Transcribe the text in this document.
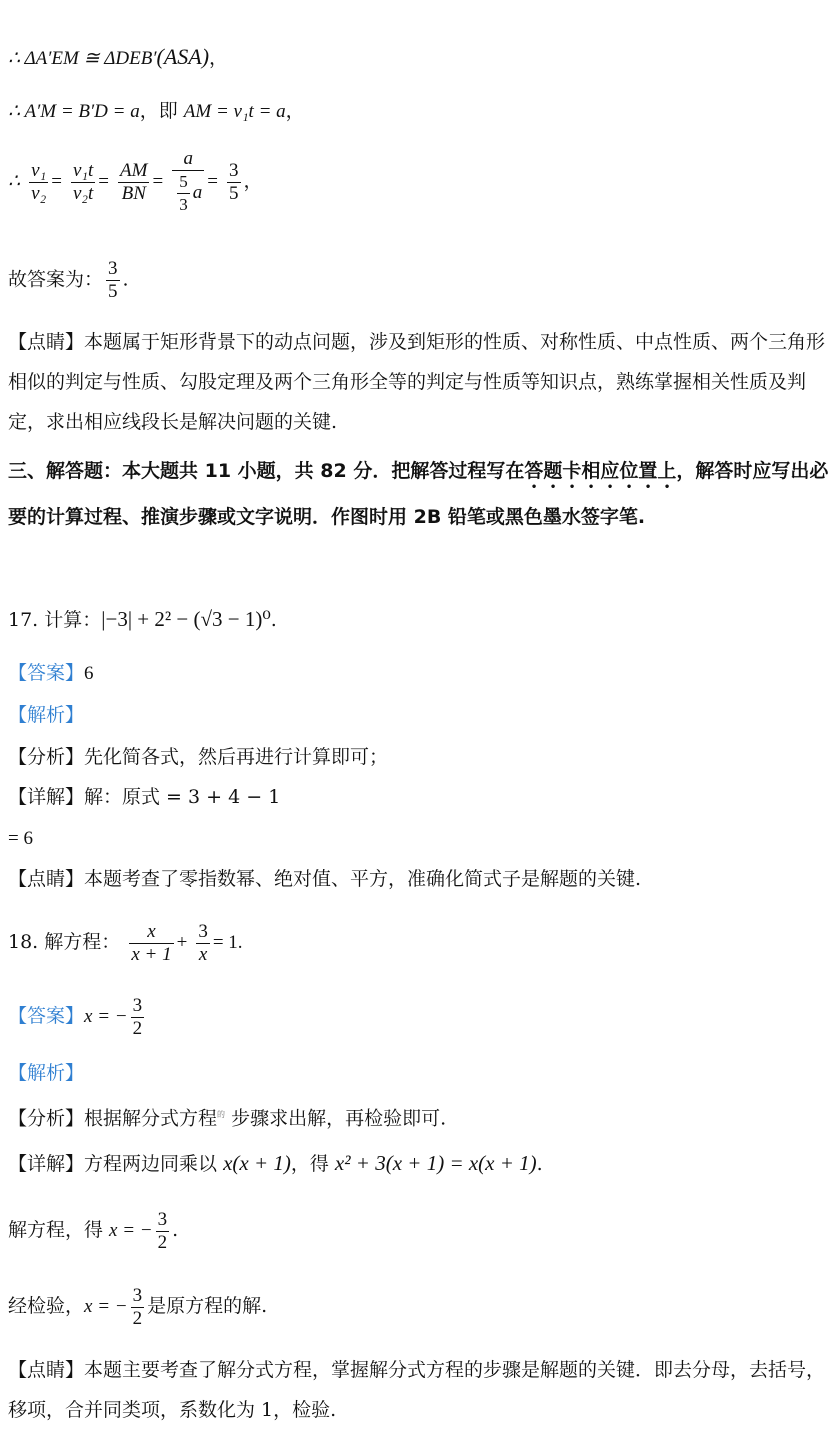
∴ ΔA′EM ≅ ΔDEB′(ASA)，
∴ A′M = B′D = a，即 AM = v₁t = a，
∴ $\frac{\text{v₁}}{\text{v₂}} = \frac{\text{v₁t}}{\text{v₂t}} = \frac{AM}{BN} = \frac{a}{\frac{5}{3} a} = \frac{3}{5}$ ，
故答案为： $\frac{3}{5}$ .
【点睛】本题属于矩形背景下的动点问题，涉及到矩形的性质、对称性质、中点性质、两个三角形相似的判定与性质、勾股定理及两个三角形全等的判定与性质等知识点，熟练掌握相关性质及判定，求出相应线段长是解决问题的关键.
三、解答题：本大题共 11 小题，共 82 分．把解答过程写在答题卡相应位置上，解答时应写出必要的计算过程、推演步骤或文字说明．作图时用 2B 铅笔或黑色墨水签字笔.
17. 计算：|−3| + 2² − (√3 − 1)⁰.
【答案】6
【解析】
【分析】先化简各式，然后再进行计算即可；
【详解】解：原式 = 3 + 4 − 1
= 6
【点睛】本题考查了零指数幂、绝对值、平方，准确化简式子是解题的关键.
18. 解方程： $\frac{x}{x + 1} + \frac{3}{x} = 1$.
【答案】x = − $\frac{3}{2}$
【解析】
【分析】根据解分式方程$^的$ 步骤求出解，再检验即可.
【详解】方程两边同乘以 x(x + 1)，得 x² + 3(x + 1) = x(x + 1).
解方程，得 x = − $\frac{3}{2}$ .
经检验，x = − $\frac{3}{2}$ 是原方程的解.
【点睛】本题主要考查了解分式方程，掌握解分式方程的步骤是解题的关键．即去分母，去括号，移项，合并同类项，系数化为 1，检验.
